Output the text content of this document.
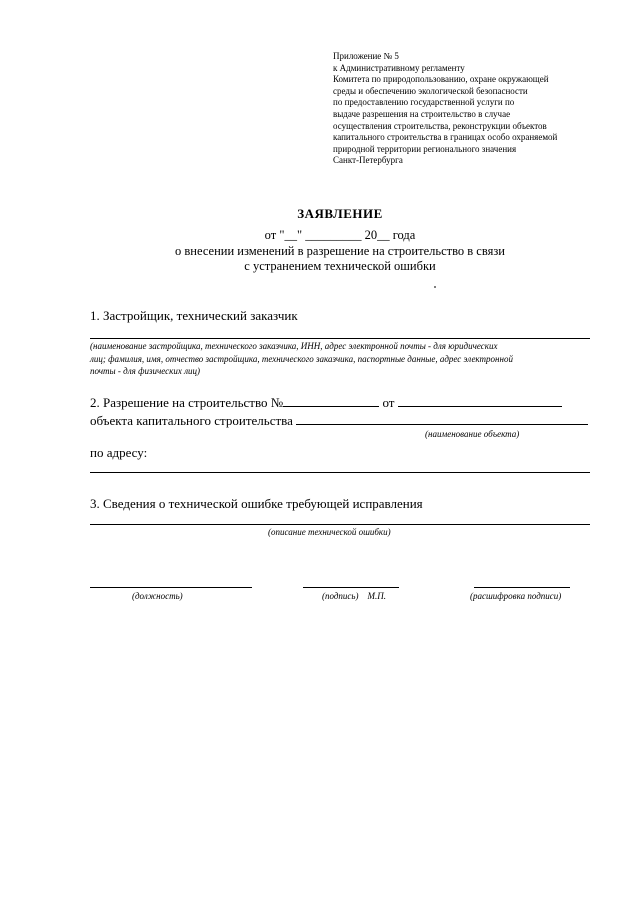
Приложение № 5
к Административному регламенту
Комитета по природопользованию, охране окружающей
среды и обеспечению экологической безопасности
по предоставлению государственной услуги по
выдаче разрешения на строительство в случае
осуществления строительства, реконструкции объектов
капитального строительства в границах особо охраняемой
природной территории регионального значения
Санкт-Петербурга
ЗАЯВЛЕНИЕ
от "__" _________ 20__ года
о внесении изменений в разрешение на строительство в связи
с устранением технической ошибки
1. Застройщик, технический заказчик
(наименование застройщика, технического заказчика, ИНН, адрес электронной почты - для юридических
лиц; фамилия, имя, отчество застройщика, технического заказчика, паспортные данные, адрес электронной
почты - для физических лиц)
2. Разрешение на строительство №	от
объекта капитального строительства
(наименование объекта)
по адресу:
3. Сведения о технической ошибке требующей исправления
(описание технической ошибки)
(должность)	(подпись) М.П.	(расшифровка подписи)
